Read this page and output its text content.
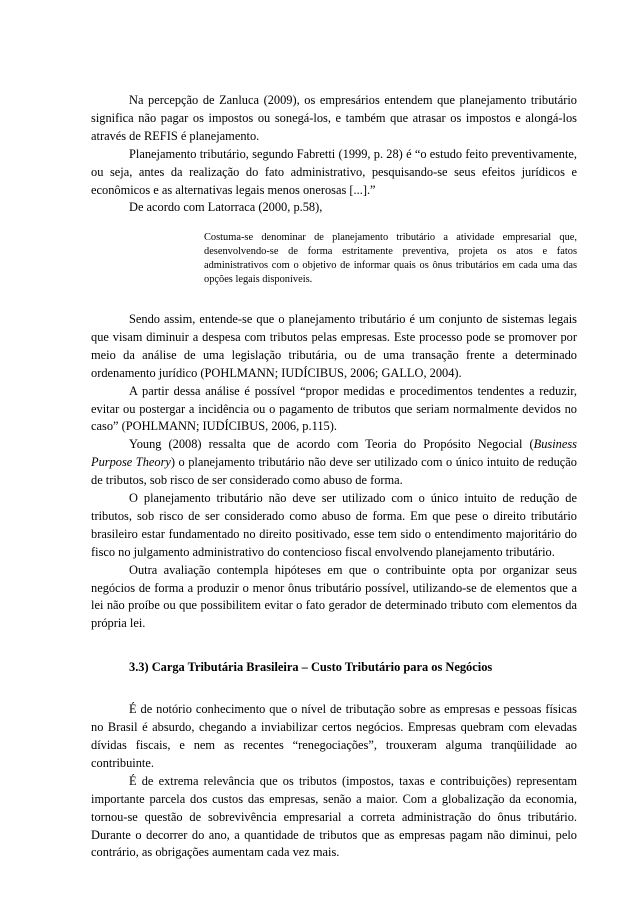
Na percepção de Zanluca (2009), os empresários entendem que planejamento tributário significa não pagar os impostos ou sonegá-los, e também que atrasar os impostos e alongá-los através de REFIS é planejamento.

Planejamento tributário, segundo Fabretti (1999, p. 28) é “o estudo feito preventivamente, ou seja, antes da realização do fato administrativo, pesquisando-se seus efeitos jurídicos e econômicos e as alternativas legais menos onerosas [...].”

De acordo com Latorraca (2000, p.58),

Costuma-se denominar de planejamento tributário a atividade empresarial que, desenvolvendo-se de forma estritamente preventiva, projeta os atos e fatos administrativos com o objetivo de informar quais os ônus tributários em cada uma das opções legais disponíveis.

Sendo assim, entende-se que o planejamento tributário é um conjunto de sistemas legais que visam diminuir a despesa com tributos pelas empresas. Este processo pode se promover por meio da análise de uma legislação tributária, ou de uma transação frente a determinado ordenamento jurídico (POHLMANN; IUDÍCIBUS, 2006; GALLO, 2004).

A partir dessa análise é possível “propor medidas e procedimentos tendentes a reduzir, evitar ou postergar a incidência ou o pagamento de tributos que seriam normalmente devidos no caso” (POHLMANN; IUDÍCIBUS, 2006, p.115).

Young (2008) ressalta que de acordo com Teoria do Propósito Negocial (Business Purpose Theory) o planejamento tributário não deve ser utilizado com o único intuito de redução de tributos, sob risco de ser considerado como abuso de forma.

O planejamento tributário não deve ser utilizado com o único intuito de redução de tributos, sob risco de ser considerado como abuso de forma. Em que pese o direito tributário brasileiro estar fundamentado no direito positivado, esse tem sido o entendimento majoritário do fisco no julgamento administrativo do contencioso fiscal envolvendo planejamento tributário.

Outra avaliação contempla hipóteses em que o contribuinte opta por organizar seus negócios de forma a produzir o menor ônus tributário possível, utilizando-se de elementos que a lei não proíbe ou que possibilitem evitar o fato gerador de determinado tributo com elementos da própria lei.

3.3) Carga Tributária Brasileira – Custo Tributário para os Negócios

É de notório conhecimento que o nível de tributação sobre as empresas e pessoas físicas no Brasil é absurdo, chegando a inviabilizar certos negócios. Empresas quebram com elevadas dívidas fiscais, e nem as recentes “renegociações”, trouxeram alguma tranqüilidade ao contribuinte.

É de extrema relevância que os tributos (impostos, taxas e contribuições) representam importante parcela dos custos das empresas, senão a maior. Com a globalização da economia, tornou-se questão de sobrevivência empresarial a correta administração do ônus tributário. Durante o decorrer do ano, a quantidade de tributos que as empresas pagam não diminui, pelo contrário, as obrigações aumentam cada vez mais.
